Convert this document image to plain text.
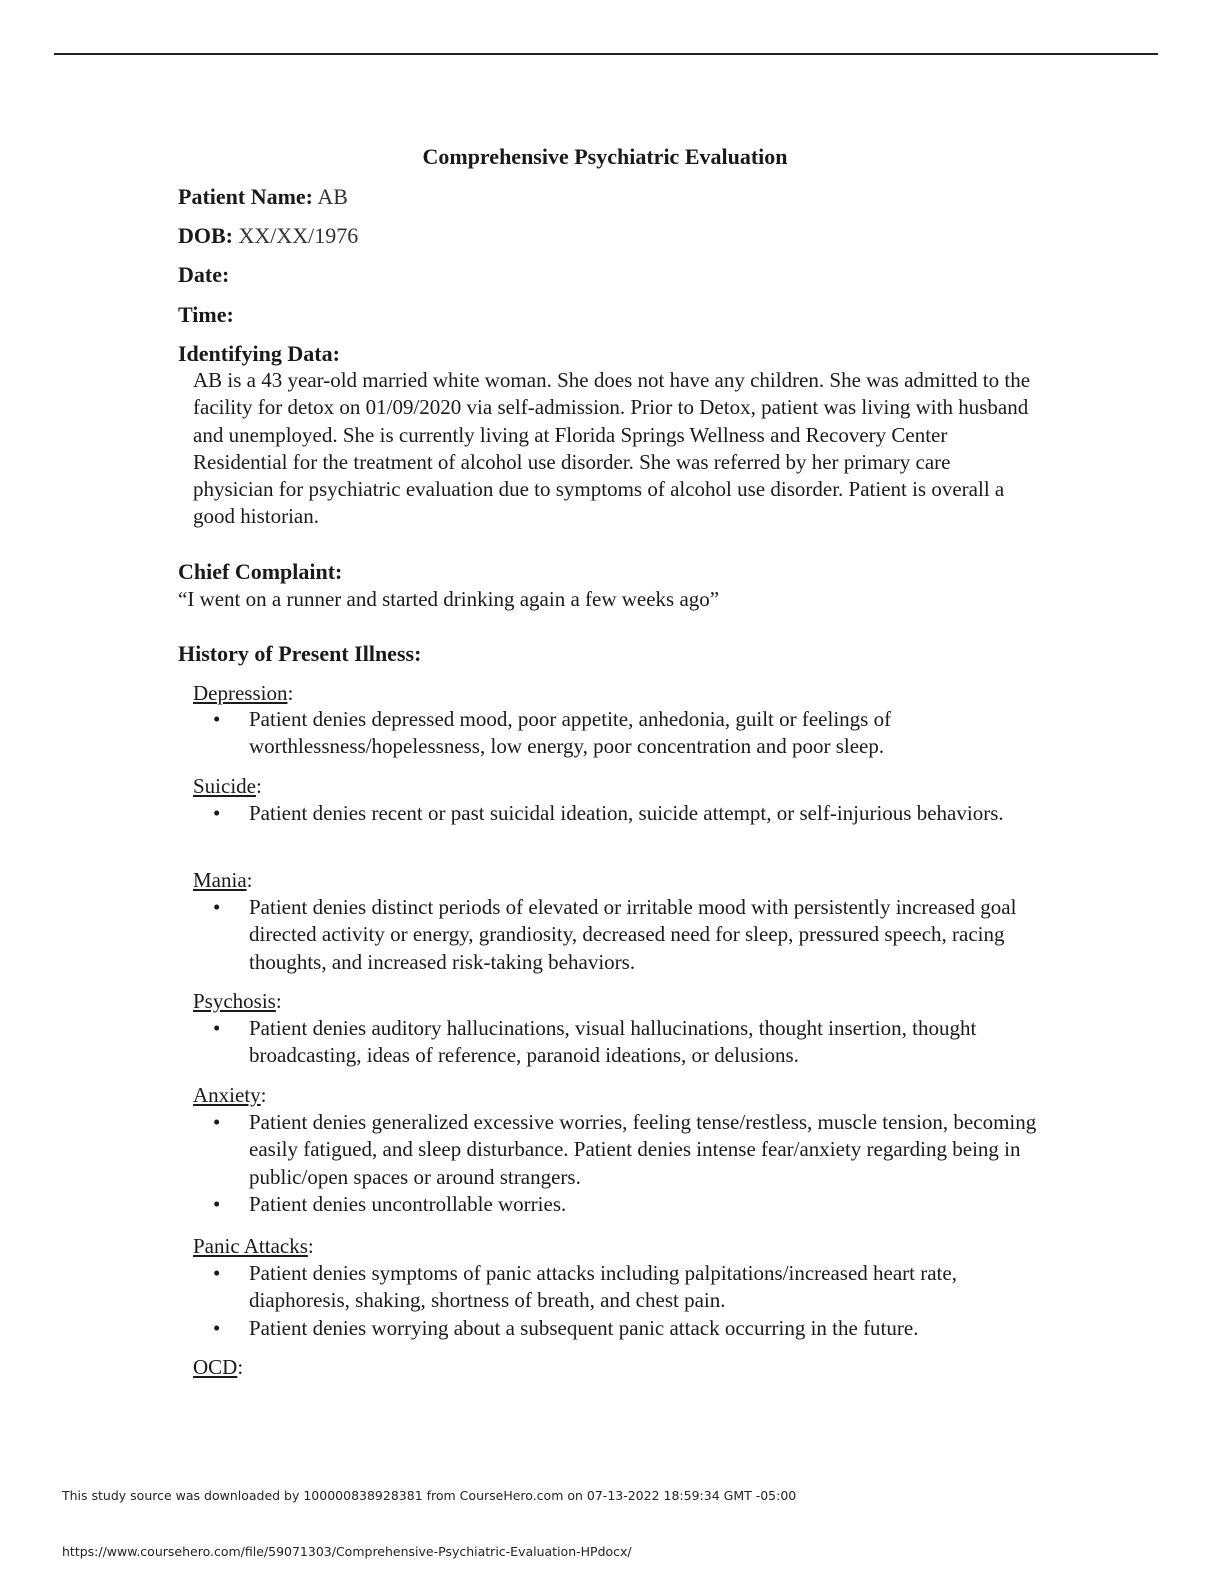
Comprehensive Psychiatric Evaluation
Patient Name: AB
DOB: XX/XX/1976
Date:
Time:
Identifying Data:
AB is a 43 year-old married white woman. She does not have any children. She was admitted to the facility for detox on 01/09/2020 via self-admission. Prior to Detox, patient was living with husband and unemployed. She is currently living at Florida Springs Wellness and Recovery Center Residential for the treatment of alcohol use disorder. She was referred by her primary care physician for psychiatric evaluation due to symptoms of alcohol use disorder. Patient is overall a good historian.
Chief Complaint:
“I went on a runner and started drinking again a few weeks ago”
History of Present Illness:
Depression:
• Patient denies depressed mood, poor appetite, anhedonia, guilt or feelings of worthlessness/hopelessness, low energy, poor concentration and poor sleep.
Suicide:
• Patient denies recent or past suicidal ideation, suicide attempt, or self-injurious behaviors.
Mania:
• Patient denies distinct periods of elevated or irritable mood with persistently increased goal directed activity or energy, grandiosity, decreased need for sleep, pressured speech, racing thoughts, and increased risk-taking behaviors.
Psychosis:
• Patient denies auditory hallucinations, visual hallucinations, thought insertion, thought broadcasting, ideas of reference, paranoid ideations, or delusions.
Anxiety:
• Patient denies generalized excessive worries, feeling tense/restless, muscle tension, becoming easily fatigued, and sleep disturbance. Patient denies intense fear/anxiety regarding being in public/open spaces or around strangers.
• Patient denies uncontrollable worries.
Panic Attacks:
• Patient denies symptoms of panic attacks including palpitations/increased heart rate, diaphoresis, shaking, shortness of breath, and chest pain.
• Patient denies worrying about a subsequent panic attack occurring in the future.
OCD:
This study source was downloaded by 100000838928381 from CourseHero.com on 07-13-2022 18:59:34 GMT -05:00
https://www.coursehero.com/file/59071303/Comprehensive-Psychiatric-Evaluation-HPdocx/
